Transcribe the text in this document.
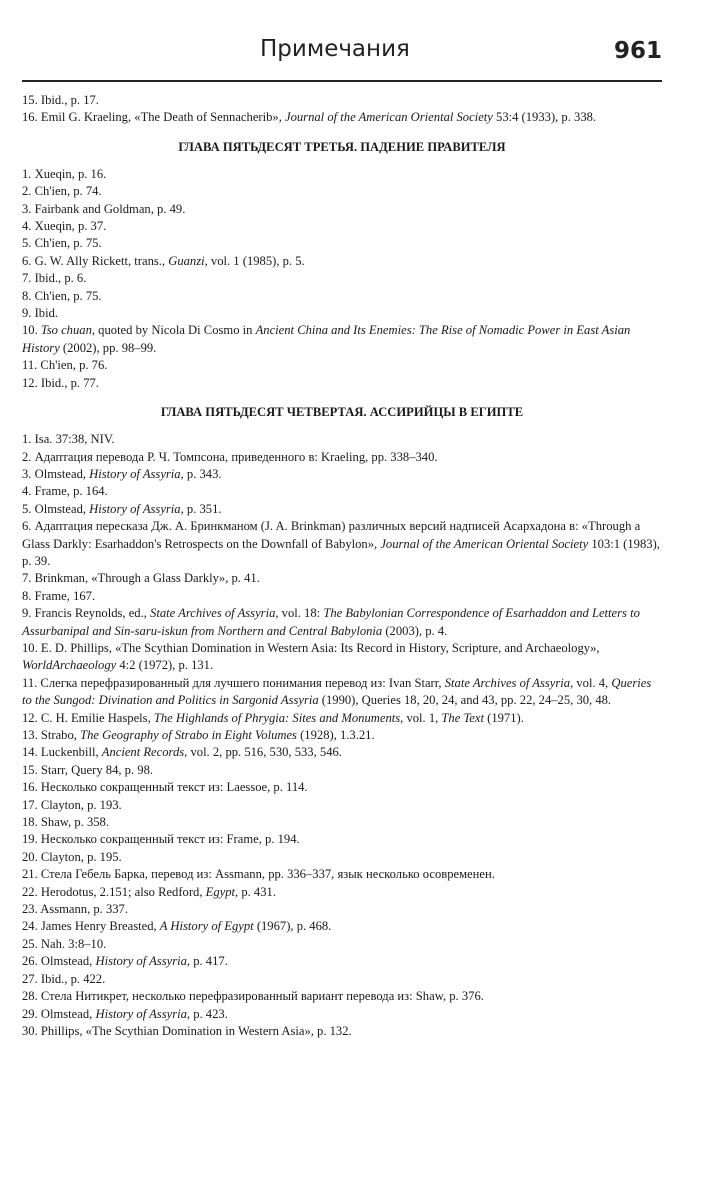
Примечания	961

15. Ibid., p. 17.

16. Emil G. Kraeling, «The Death of Sennacherib», Journal of the American Oriental Society 53:4 (1933), p. 338.

ГЛАВА ПЯТЬДЕСЯТ ТРЕТЬЯ. ПАДЕНИЕ ПРАВИТЕЛЯ

1. Xueqin, p. 16.

2. Ch'ien, p. 74.

3. Fairbank and Goldman, p. 49.

4. Xueqin, p. 37.

5. Ch'ien, p. 75.

6. G. W. Ally Rickett, trans., Guanzi, vol. 1 (1985), p. 5.

7. Ibid., p. 6.

8. Ch'ien, p. 75.

9. Ibid.

10. Tso chuan, quoted by Nicola Di Cosmo in Ancient China and Its Enemies: The Rise of Nomadic Power in East Asian History (2002), pp. 98–99.

11. Ch'ien, p. 76.

12. Ibid., p. 77.

ГЛАВА ПЯТЬДЕСЯТ ЧЕТВЕРТАЯ. АССИРИЙЦЫ В ЕГИПТЕ

1. Isa. 37:38, NIV.

2. Адаптация перевода Р. Ч. Томпсона, приведенного в: Kraeling, pp. 338–340.

3. Olmstead, History of Assyria, p. 343.

4. Frame, p. 164.

5. Olmstead, History of Assyria, p. 351.

6. Адаптация пересказа Дж. А. Бринкманом (J. A. Brinkman) различных версий надписей Асархадона в: «Through a Glass Darkly: Esarhaddon's Retrospects on the Downfall of Babylon», Journal of the American Oriental Society 103:1 (1983), p. 39.

7. Brinkman, «Through a Glass Darkly», p. 41.

8. Frame, 167.

9. Francis Reynolds, ed., State Archives of Assyria, vol. 18: The Babylonian Correspondence of Esarhaddon and Letters to Assurbanipal and Sin-saru-iskun from Northern and Central Babylonia (2003), p. 4.

10. E. D. Phillips, «The Scythian Domination in Western Asia: Its Record in History, Scripture, and Archaeology», WorldArchaeology 4:2 (1972), p. 131.

11. Слегка перефразированный для лучшего понимания перевод из: Ivan Starr, State Archives of Assyria, vol. 4, Queries to the Sungod: Divination and Politics in Sargonid Assyria (1990), Queries 18, 20, 24, and 43, pp. 22, 24–25, 30, 48.

12. C. H. Emilie Haspels, The Highlands of Phrygia: Sites and Monuments, vol. 1, The Text (1971).

13. Strabo, The Geography of Strabo in Eight Volumes (1928), 1.3.21.

14. Luckenbill, Ancient Records, vol. 2, pp. 516, 530, 533, 546.

15. Starr, Query 84, p. 98.

16. Несколько сокращенный текст из: Laessoe, p. 114.

17. Clayton, p. 193.

18. Shaw, p. 358.

19. Несколько сокращенный текст из: Frame, p. 194.

20. Clayton, p. 195.

21. Стела Гебель Барка, перевод из: Assmann, pp. 336–337, язык несколько осовременен.

22. Herodotus, 2.151; also Redford, Egypt, p. 431.

23. Assmann, p. 337.

24. James Henry Breasted, A History of Egypt (1967), p. 468.

25. Nah. 3:8–10.

26. Olmstead, History of Assyria, p. 417.

27. Ibid., p. 422.

28. Стела Нитикрет, несколько перефразированный вариант перевода из: Shaw, p. 376.

29. Olmstead, History of Assyria, p. 423.

30. Phillips, «The Scythian Domination in Western Asia», p. 132.
